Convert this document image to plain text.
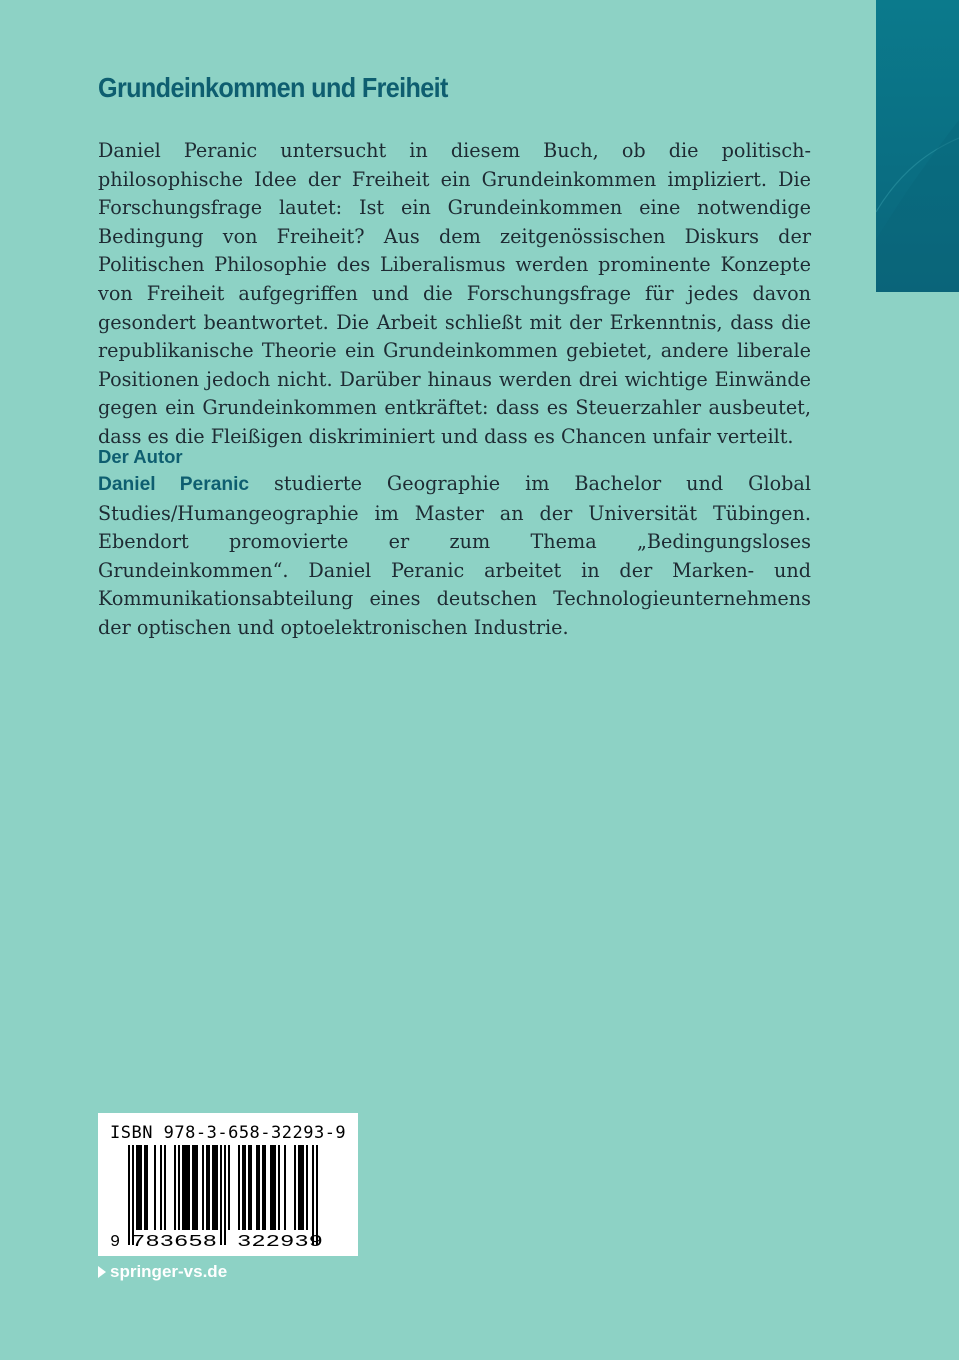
Grundeinkommen und Freiheit

Daniel Peranic untersucht in diesem Buch, ob die politisch-philosophische Idee der Freiheit ein Grundeinkommen impliziert. Die Forschungsfrage lautet: Ist ein Grundeinkommen eine notwendige Bedingung von Freiheit? Aus dem zeitgenössischen Diskurs der Politischen Philosophie des Liberalismus werden prominente Konzepte von Freiheit aufgegriffen und die Forschungsfrage für jedes davon gesondert beantwortet. Die Arbeit schließt mit der Erkenntnis, dass die republikanische Theorie ein Grundeinkommen gebietet, andere liberale Positionen jedoch nicht. Darüber hinaus werden drei wichtige Einwände gegen ein Grundeinkommen entkräftet: dass es Steuerzahler ausbeutet, dass es die Fleißigen diskriminiert und dass es Chancen unfair verteilt.

Der Autor

Daniel Peranic studierte Geographie im Bachelor und Global Studies/Humangeographie im Master an der Universität Tübingen. Ebendort promovierte er zum Thema „Bedingungsloses Grundeinkommen“. Daniel Peranic arbeitet in der Marken- und Kommunikationsabteilung eines deutschen Technologieunternehmens der optischen und optoelektronischen Industrie.

ISBN 978-3-658-32293-9
9 783658 322939
springer-vs.de
